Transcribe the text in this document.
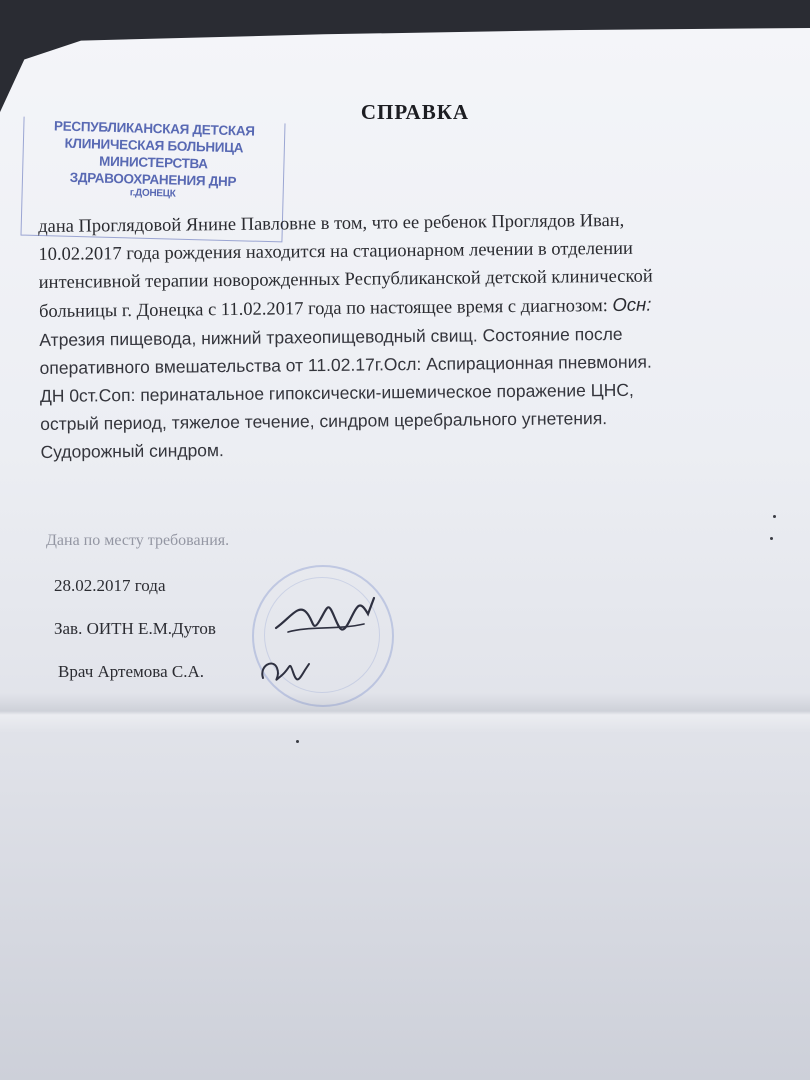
СПРАВКА
РЕСПУБЛИКАНСКАЯ ДЕТСКАЯ
КЛИНИЧЕСКАЯ БОЛЬНИЦА
МИНИСТЕРСТВА
ЗДРАВООХРАНЕНИЯ ДНР
г.ДОНЕЦК
дана Проглядовой Янине Павловне в том, что ее ребенок Проглядов Иван,
10.02.2017 года рождения находится на стационарном лечении в отделении
интенсивной терапии новорожденных Республиканской детской клинической
больницы г. Донецка с 11.02.2017 года по настоящее время с диагнозом: Осн:
Атрезия пищевода, нижний трахеопищеводный свищ. Состояние после
оперативного вмешательства от 11.02.17г.Осл: Аспирационная пневмония.
ДН 0ст.Соп: перинатальное гипоксически-ишемическое поражение ЦНС,
острый период, тяжелое течение, синдром церебрального угнетения.
Судорожный синдром.
Дана по месту требования.
28.02.2017 года
Зав. ОИТН Е.М.Дутов
Врач Артемова С.А.
